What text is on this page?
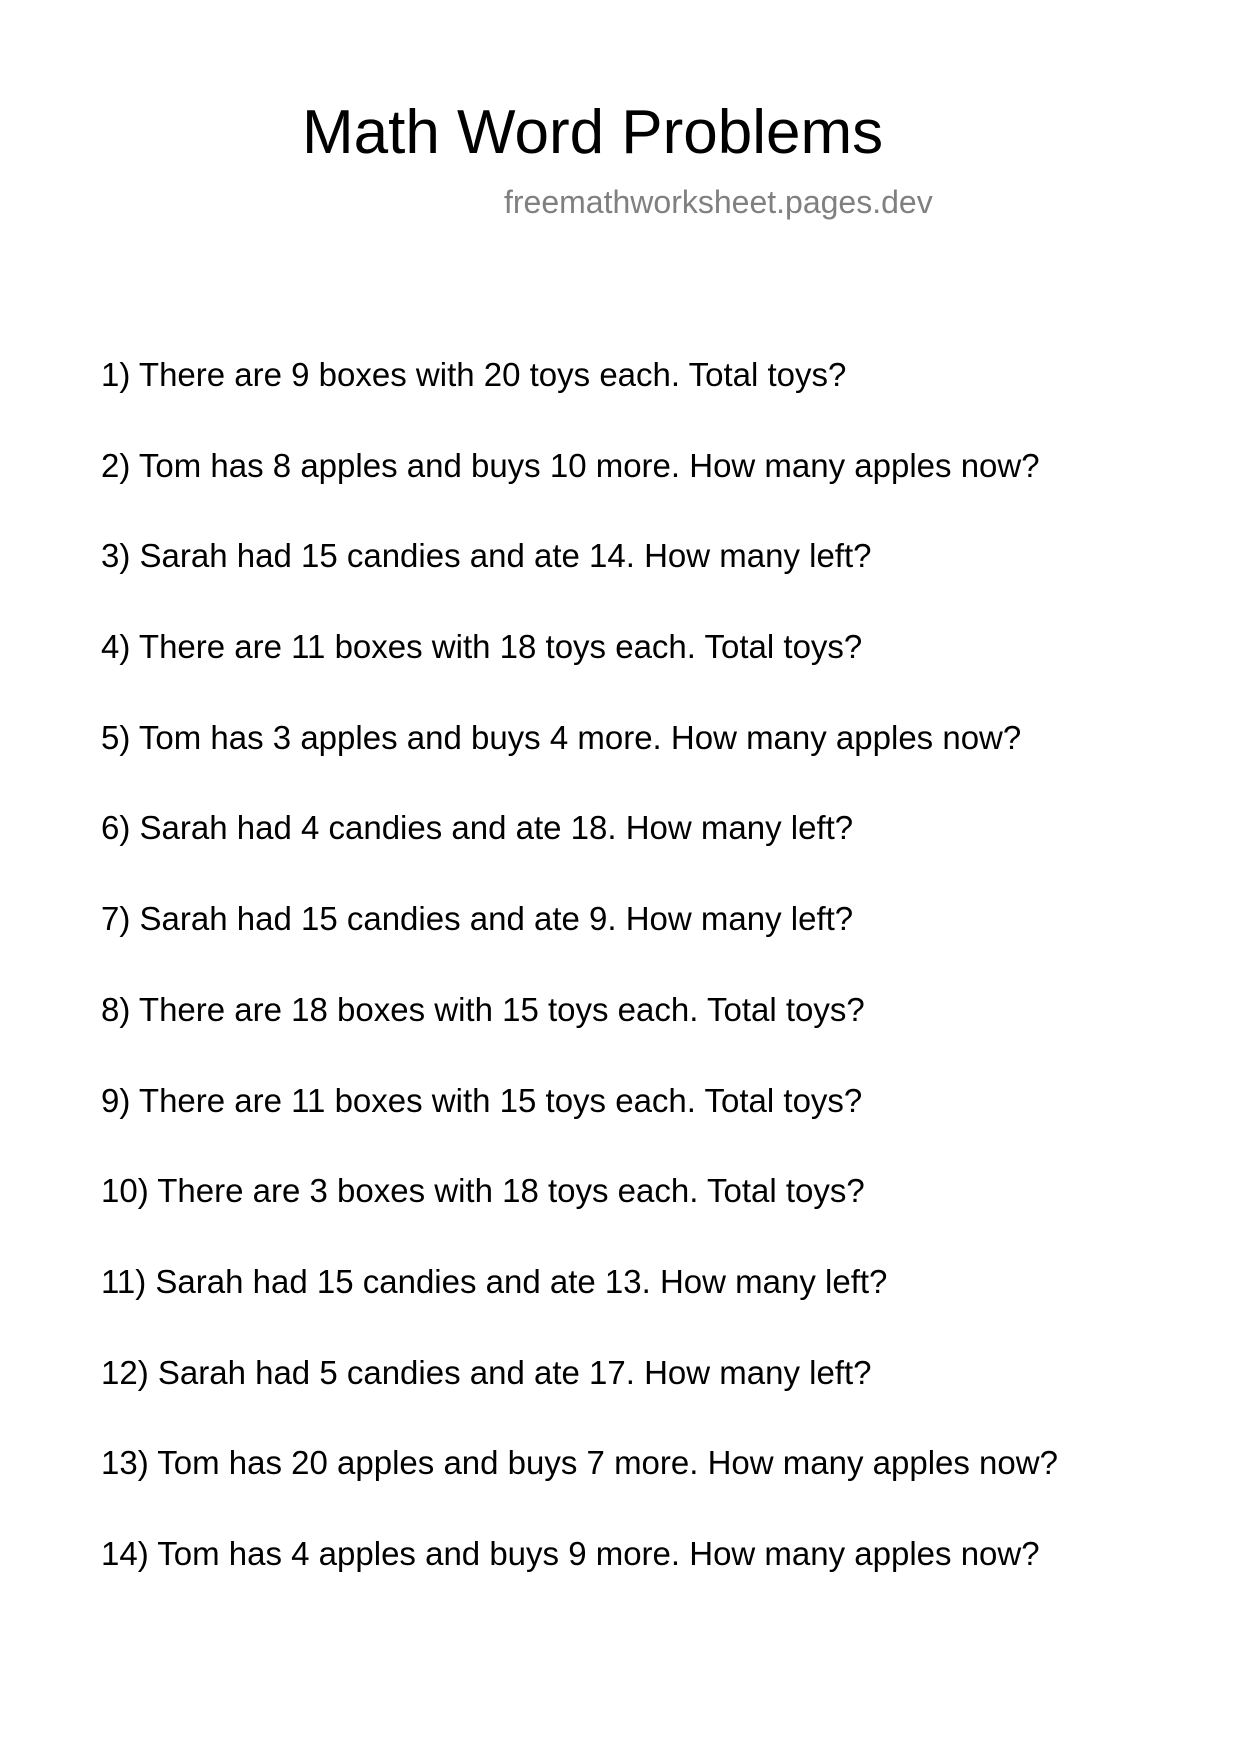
Math Word Problems
freemathworksheet.pages.dev
1) There are 9 boxes with 20 toys each. Total toys?
2) Tom has 8 apples and buys 10 more. How many apples now?
3) Sarah had 15 candies and ate 14. How many left?
4) There are 11 boxes with 18 toys each. Total toys?
5) Tom has 3 apples and buys 4 more. How many apples now?
6) Sarah had 4 candies and ate 18. How many left?
7) Sarah had 15 candies and ate 9. How many left?
8) There are 18 boxes with 15 toys each. Total toys?
9) There are 11 boxes with 15 toys each. Total toys?
10) There are 3 boxes with 18 toys each. Total toys?
11) Sarah had 15 candies and ate 13. How many left?
12) Sarah had 5 candies and ate 17. How many left?
13) Tom has 20 apples and buys 7 more. How many apples now?
14) Tom has 4 apples and buys 9 more. How many apples now?
